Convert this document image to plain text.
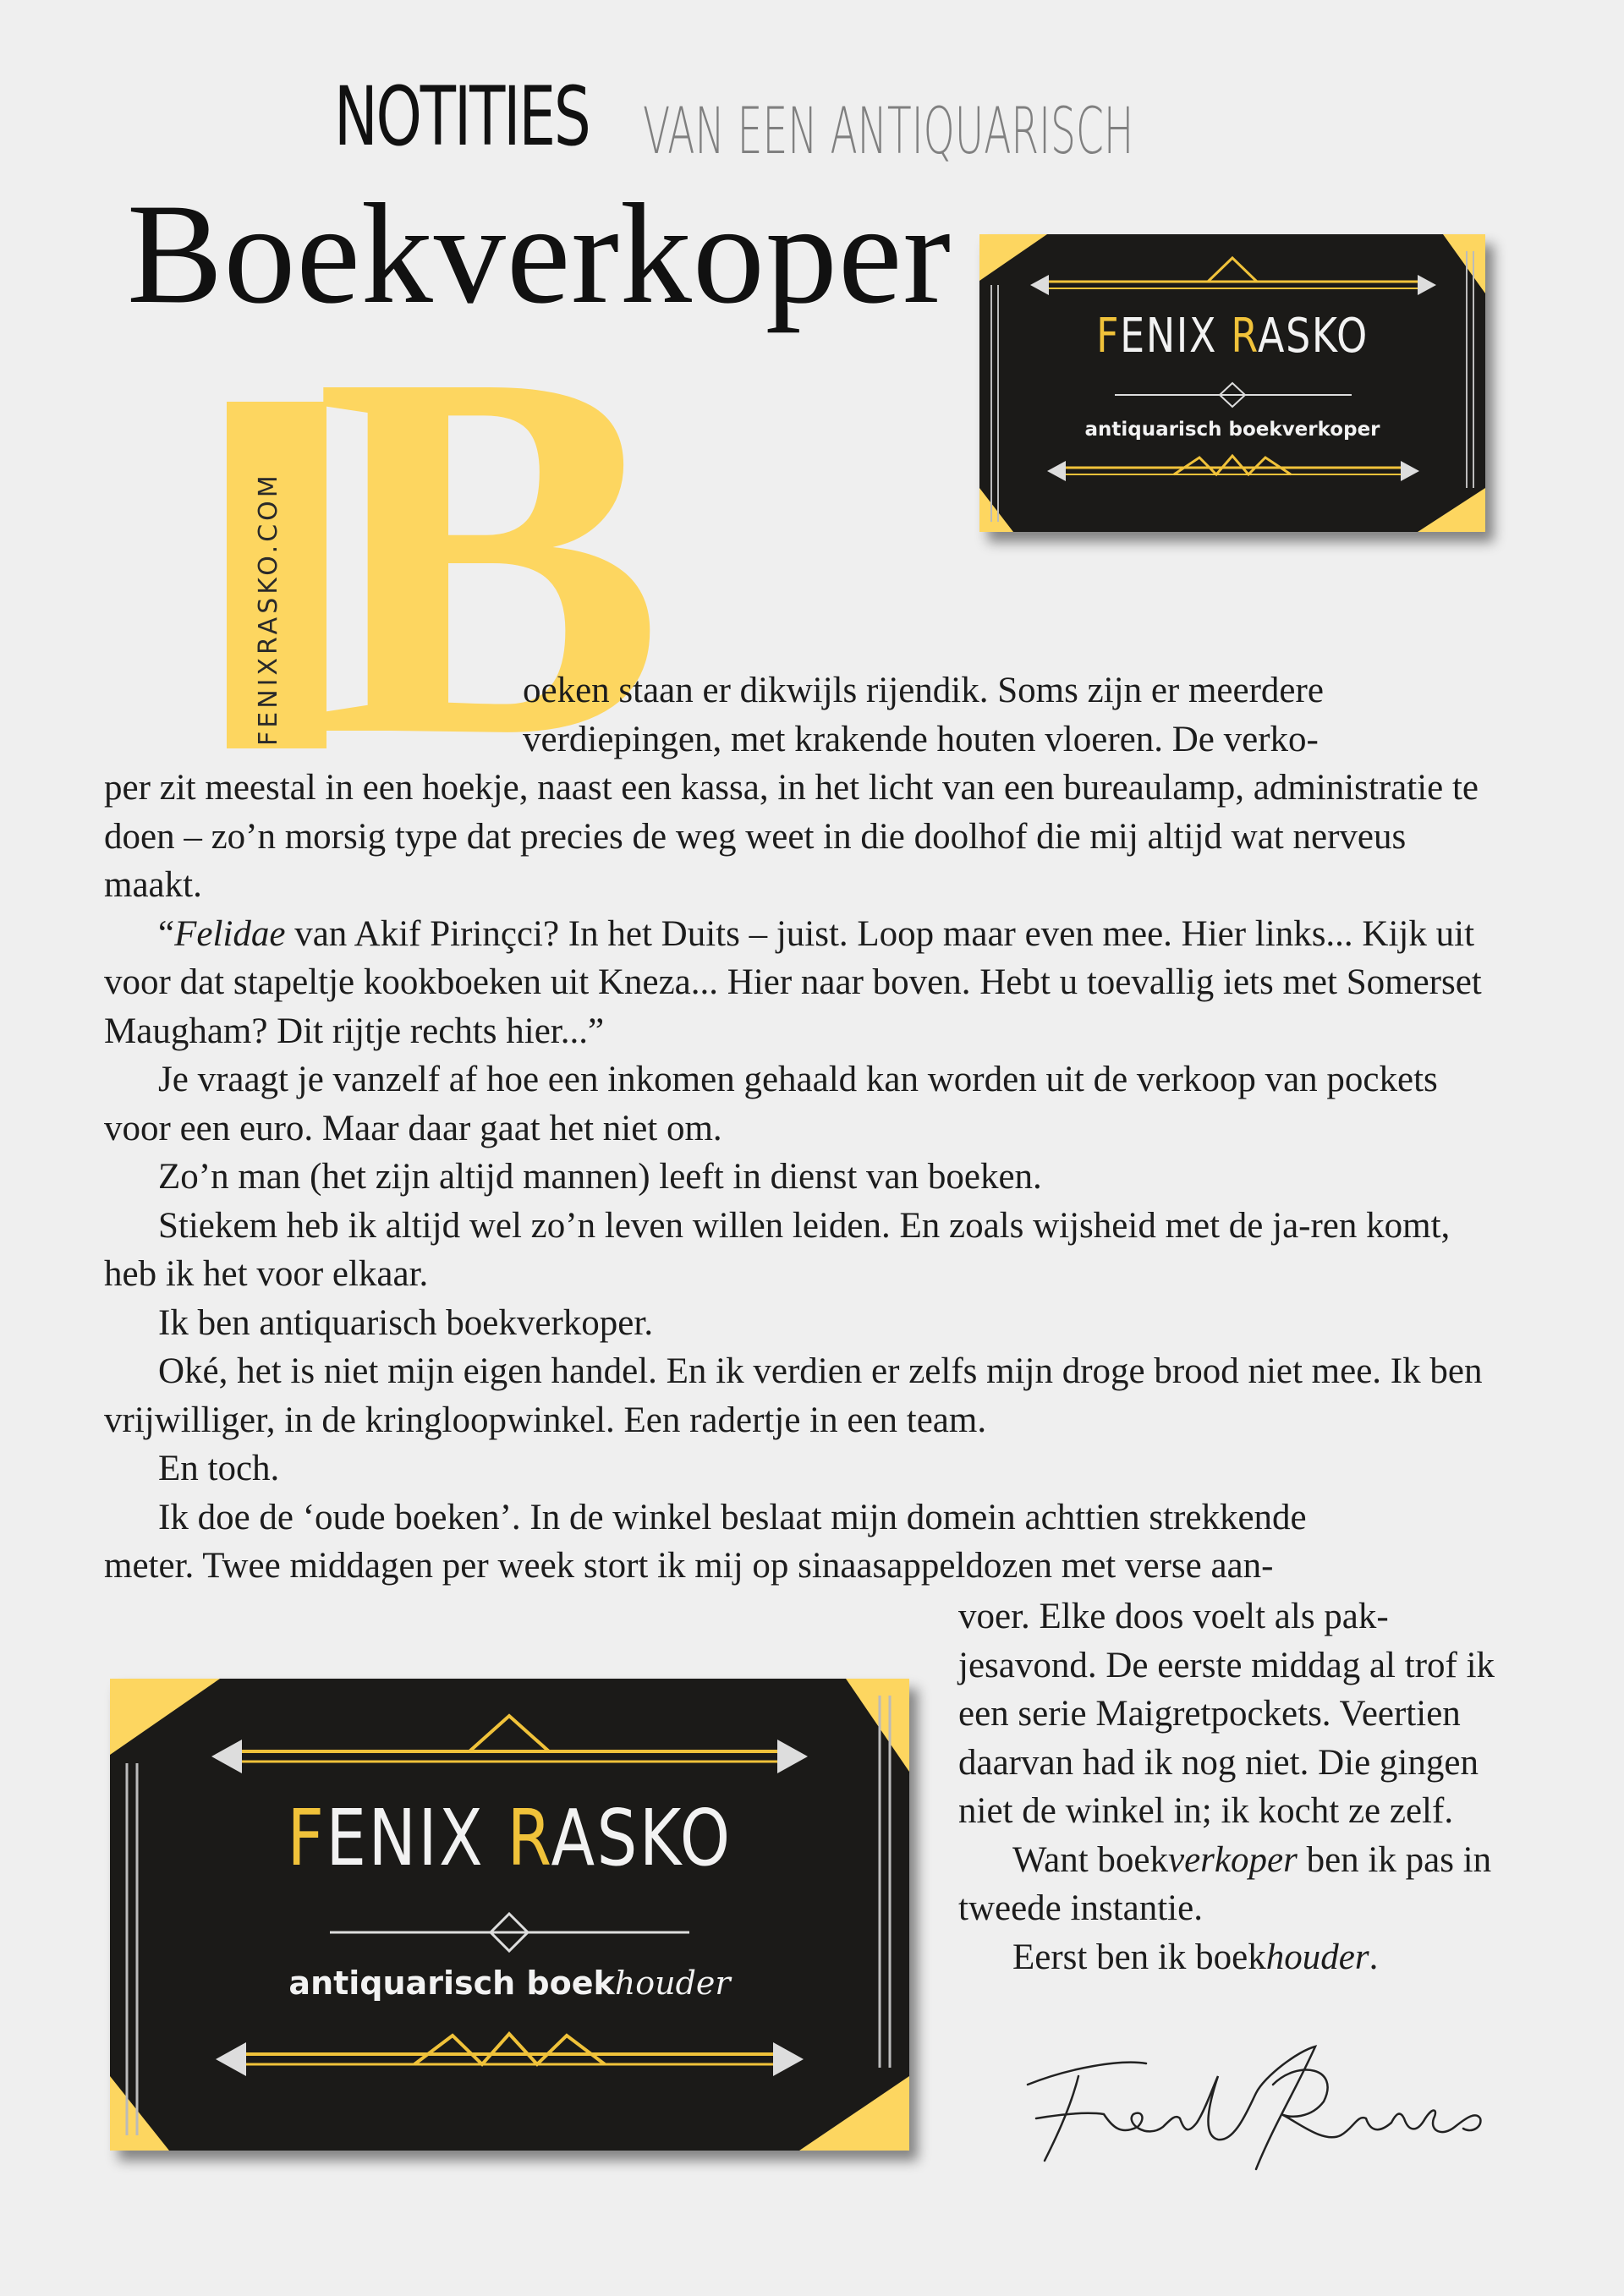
NOTITIES VAN EEN ANTIQUARISCH
Boekverkoper
FENIX RASKO
antiquarisch boekverkoper
B
FENIXRASKO.COM	oeken staan er dikwijls rijendik. Soms zijn er meerdere

verdiepingen, met krakende houten vloeren. De verko-

per zit meestal in een hoekje, naast een kassa, in het licht van een bureaulamp, administratie te doen – zo’n morsig type dat precies de weg weet in die doolhof die mij altijd wat nerveus maakt.

“Felidae van Akif Pirinçci? In het Duits – juist. Loop maar even mee. Hier links... Kijk uit voor dat stapeltje kookboeken uit Kneza... Hier naar boven. Hebt u toevallig iets met Somerset Maugham? Dit rijtje rechts hier...”

Je vraagt je vanzelf af hoe een inkomen gehaald kan worden uit de verkoop van pockets voor een euro. Maar daar gaat het niet om.

Zo’n man (het zijn altijd mannen) leeft in dienst van boeken.

Stiekem heb ik altijd wel zo’n leven willen leiden. En zoals wijsheid met de ja-ren komt, heb ik het voor elkaar.

Ik ben antiquarisch boekverkoper.

Oké, het is niet mijn eigen handel. En ik verdien er zelfs mijn droge brood niet mee. Ik ben vrijwilliger, in de kringloopwinkel. Een radertje in een team.

En toch.

Ik doe de ‘oude boeken’. In de winkel beslaat mijn domein achttien strekkende

meter. Twee middagen per week stort ik mij op sinaasappeldozen met verse aan-

FENIX RASKO
antiquarisch boekhouder

voer. Elke doos voelt als pak-jesavond. De eerste middag al trof ik een serie Maigretpockets. Veertien daarvan had ik nog niet. Die gingen niet de winkel in; ik kocht ze zelf.

Want boekverkoper ben ik pas in tweede instantie.

Eerst ben ik boekhouder.
